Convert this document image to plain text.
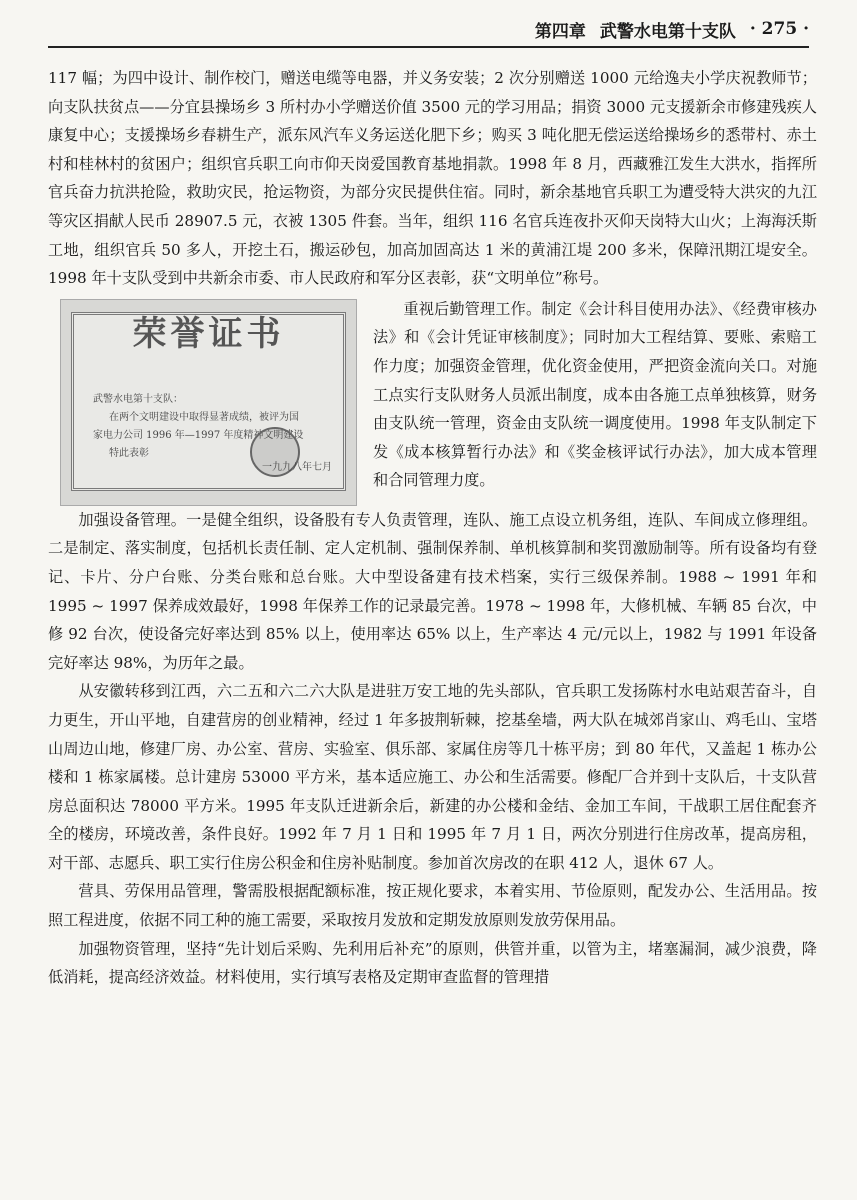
第四章 武警水电第十支队 · 275 ·

117 幅；为四中设计、制作校门，赠送电缆等电器，并义务安装；2 次分别赠送 1000 元给逸夫小学庆祝教师节；向支队扶贫点——分宜县操场乡 3 所村办小学赠送价值 3500 元的学习用品；捐资 3000 元支援新余市修建残疾人康复中心；支援操场乡春耕生产，派东风汽车义务运送化肥下乡；购买 3 吨化肥无偿运送给操场乡的悉带村、赤土村和桂林村的贫困户；组织官兵职工向市仰天岗爱国教育基地捐款。1998 年 8 月，西藏雅江发生大洪水，指挥所官兵奋力抗洪抢险，救助灾民，抢运物资，为部分灾民提供住宿。同时，新余基地官兵职工为遭受特大洪灾的九江等灾区捐献人民币 28907.5 元，衣被 1305 件套。当年，组织 116 名官兵连夜扑灭仰天岗特大山火；上海海沃斯工地，组织官兵 50 多人，开挖土石，搬运砂包，加高加固高达 1 米的黄浦江堤 200 多米，保障汛期江堤安全。1998 年十支队受到中共新余市委、市人民政府和军分区表彰，获“文明单位”称号。

荣誉证书
武警水电第十支队：
在两个文明建设中取得显著成绩，被评为国
家电力公司 1996 年—1997 年度精神文明建设
特此表彰
一九九八年七月

重视后勤管理工作。制定《会计科目使用办法》、《经费审核办法》和《会计凭证审核制度》；同时加大工程结算、要账、索赔工作力度；加强资金管理，优化资金使用，严把资金流向关口。对施工点实行支队财务人员派出制度，成本由各施工点单独核算，财务由支队统一管理，资金由支队统一调度使用。1998 年支队制定下发《成本核算暂行办法》和《奖金核评试行办法》，加大成本管理和合同管理力度。

加强设备管理。一是健全组织，设备股有专人负责管理，连队、施工点设立机务组，连队、车间成立修理组。二是制定、落实制度，包括机长责任制、定人定机制、强制保养制、单机核算制和奖罚激励制等。所有设备均有登记、卡片、分户台账、分类台账和总台账。大中型设备建有技术档案，实行三级保养制。1988 ~ 1991 年和 1995 ~ 1997 保养成效最好，1998 年保养工作的记录最完善。1978 ~ 1998 年，大修机械、车辆 85 台次，中修 92 台次，使设备完好率达到 85% 以上，使用率达 65% 以上，生产率达 4 元/元以上，1982 与 1991 年设备完好率达 98%，为历年之最。

从安徽转移到江西，六二五和六二六大队是进驻万安工地的先头部队，官兵职工发扬陈村水电站艰苦奋斗，自力更生，开山平地，自建营房的创业精神，经过 1 年多披荆斩棘，挖基垒墙，两大队在城郊肖家山、鸡毛山、宝塔山周边山地，修建厂房、办公室、营房、实验室、俱乐部、家属住房等几十栋平房；到 80 年代，又盖起 1 栋办公楼和 1 栋家属楼。总计建房 53000 平方米，基本适应施工、办公和生活需要。修配厂合并到十支队后，十支队营房总面积达 78000 平方米。1995 年支队迁进新余后，新建的办公楼和金结、金加工车间，干战职工居住配套齐全的楼房，环境改善，条件良好。1992 年 7 月 1 日和 1995 年 7 月 1 日，两次分别进行住房改革，提高房租，对干部、志愿兵、职工实行住房公积金和住房补贴制度。参加首次房改的在职 412 人，退休 67 人。

营具、劳保用品管理，警需股根据配额标准，按正规化要求，本着实用、节俭原则，配发办公、生活用品。按照工程进度，依据不同工种的施工需要，采取按月发放和定期发放原则发放劳保用品。

加强物资管理，坚持“先计划后采购、先利用后补充”的原则，供管并重，以管为主，堵塞漏洞，减少浪费，降低消耗，提高经济效益。材料使用，实行填写表格及定期审查监督的管理措
